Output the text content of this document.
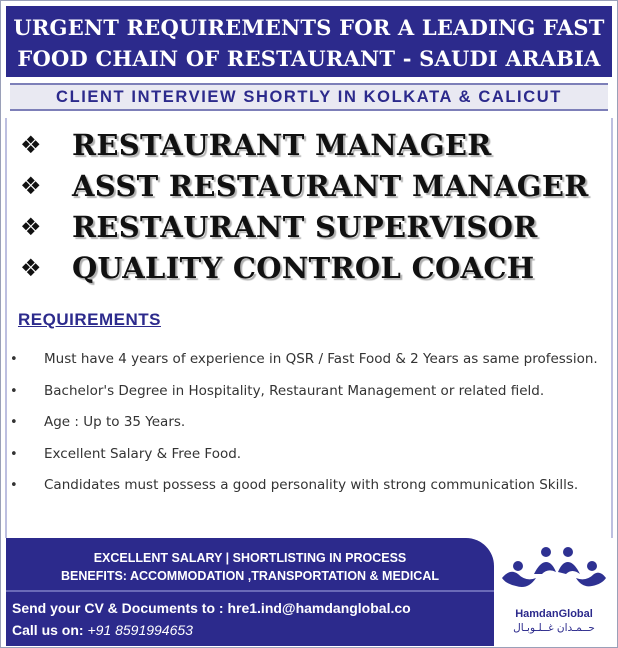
URGENT REQUIREMENTS FOR A LEADING FAST
FOOD CHAIN OF RESTAURANT - SAUDI ARABIA
CLIENT INTERVIEW SHORTLY IN KOLKATA & CALICUT
❖	RESTAURANT MANAGER
❖	ASST RESTAURANT MANAGER
❖	RESTAURANT SUPERVISOR
❖	QUALITY CONTROL COACH
REQUIREMENTS
• Must have 4 years of experience in QSR / Fast Food & 2 Years as same profession.
• Bachelor's Degree in Hospitality, Restaurant Management or related field.
• Age : Up to 35 Years.
• Excellent Salary & Free Food.
• Candidates must possess a good personality with strong communication Skills.
EXCELLENT SALARY | SHORTLISTING IN PROCESS
BENEFITS: ACCOMMODATION ,TRANSPORTATION & MEDICAL
Send your CV & Documents to : hre1.ind@hamdanglobal.co
Call us on: +91 8591994653
HamdanGlobal
حــمـدان غــلـوبـال
